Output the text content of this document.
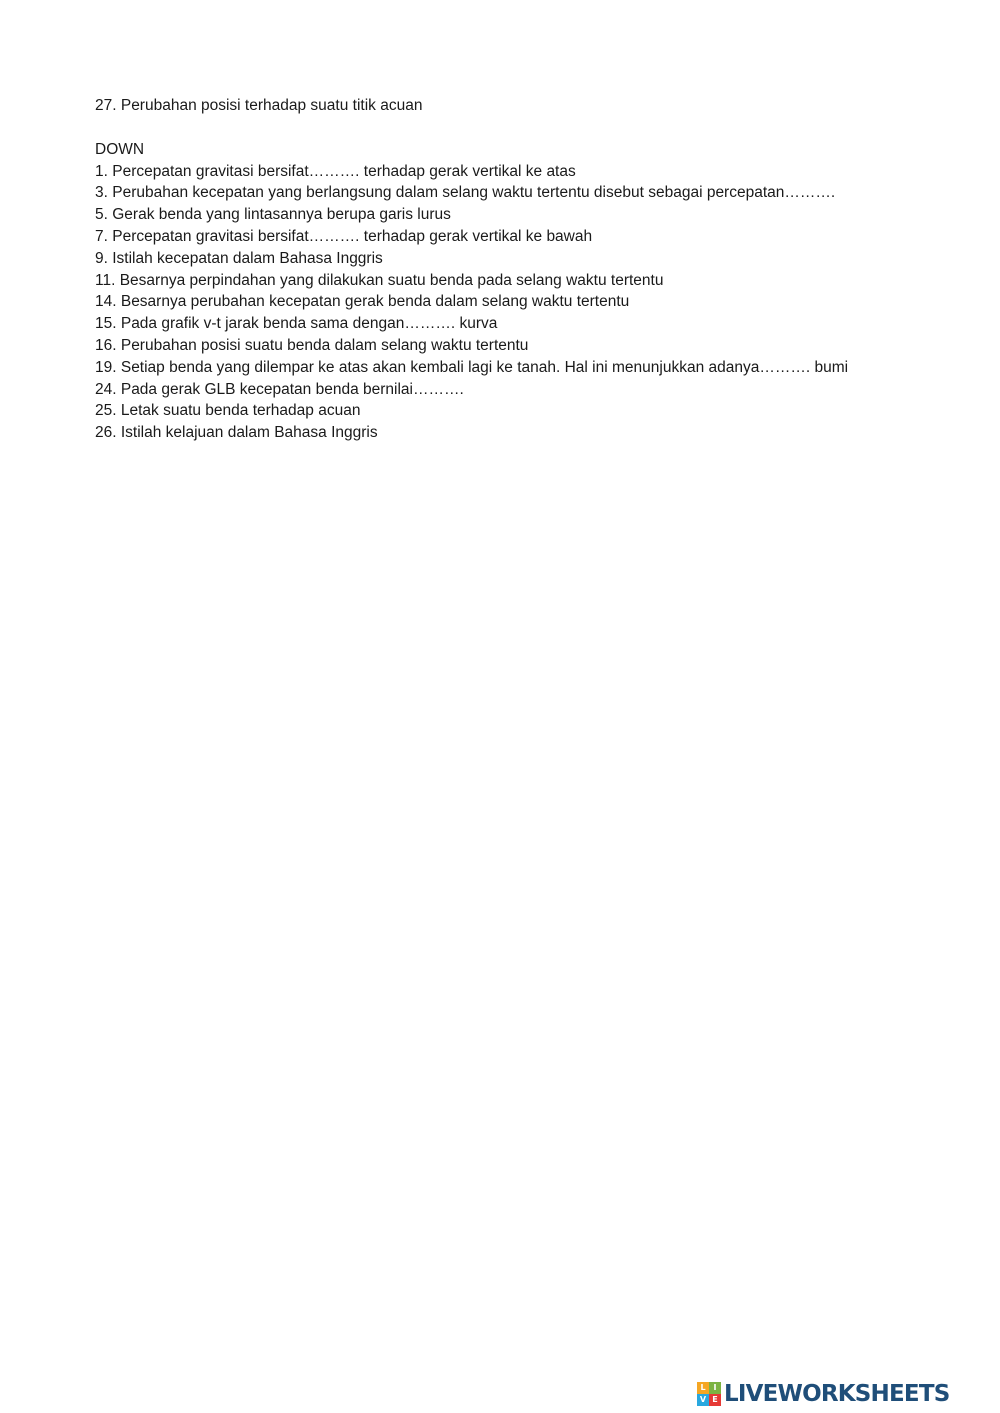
27. Perubahan posisi terhadap suatu titik acuan
DOWN
1. Percepatan gravitasi bersifat………. terhadap gerak vertikal ke atas
3. Perubahan kecepatan yang berlangsung dalam selang waktu tertentu disebut sebagai percepatan……….
5. Gerak benda yang lintasannya berupa garis lurus
7. Percepatan gravitasi bersifat………. terhadap gerak vertikal ke bawah
9. Istilah kecepatan dalam Bahasa Inggris
11. Besarnya perpindahan yang dilakukan suatu benda pada selang waktu tertentu
14. Besarnya perubahan kecepatan gerak benda dalam selang waktu tertentu
15. Pada grafik v-t jarak benda sama dengan………. kurva
16. Perubahan posisi suatu benda dalam selang waktu tertentu
19. Setiap benda yang dilempar ke atas akan kembali lagi ke tanah. Hal ini menunjukkan adanya………. bumi
24. Pada gerak GLB kecepatan benda bernilai……….
25. Letak suatu benda terhadap acuan
26. Istilah kelajuan dalam Bahasa Inggris
L I
V E LIVEWORKSHEETS
